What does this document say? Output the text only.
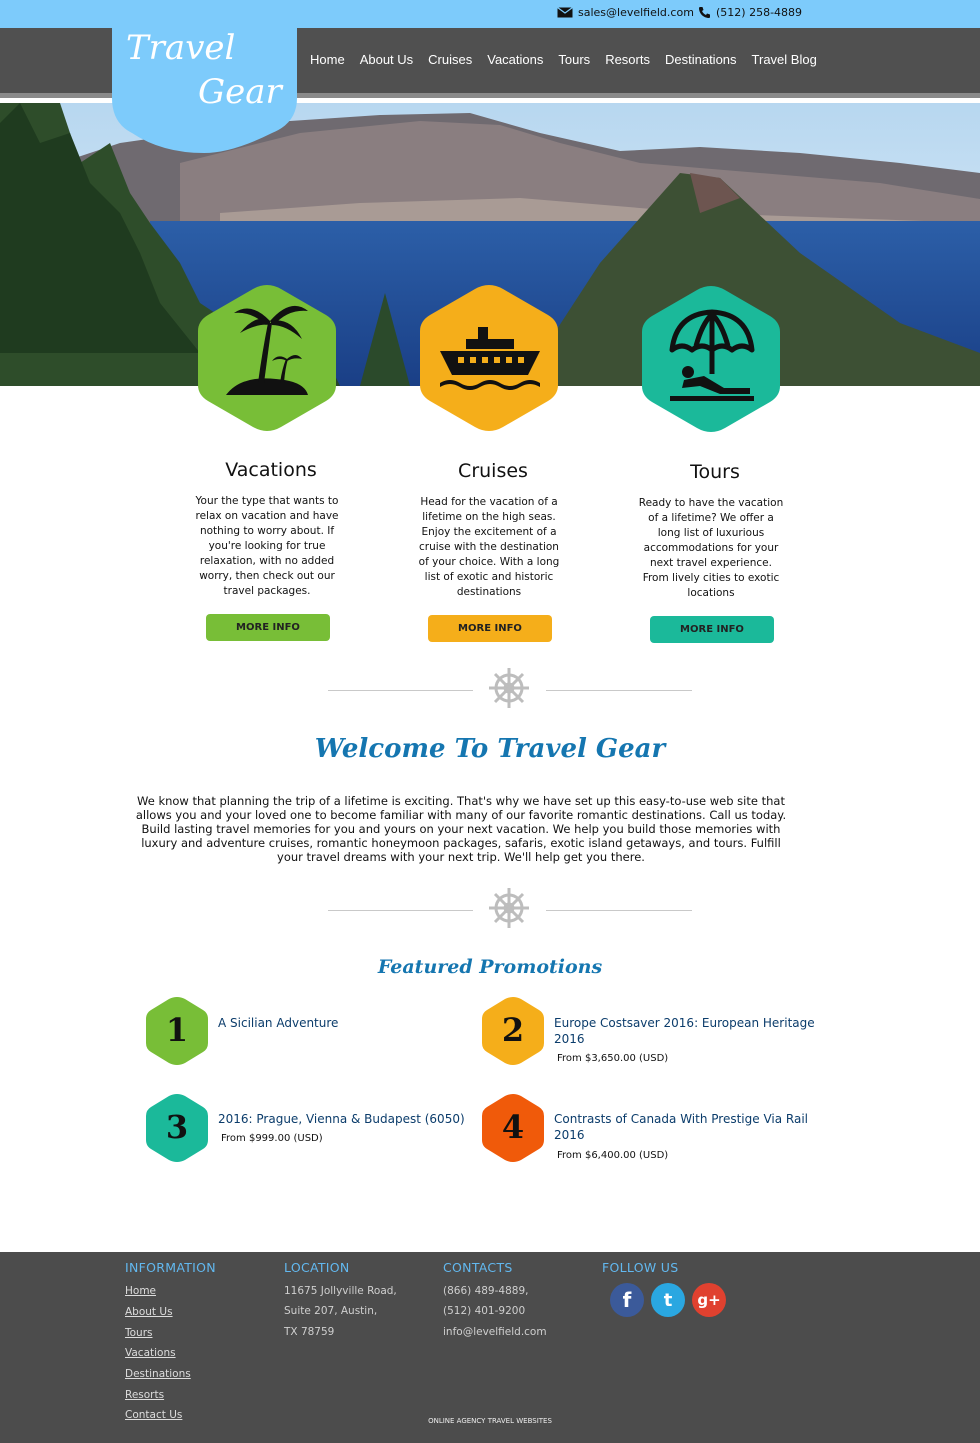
sales@levelfield.com (512) 258-4889
Home About Us Cruises Vacations Tours Resorts Destinations Travel Blog
Travel
Gear
Vacations
Your the type that wants to relax on vacation and have nothing to worry about. If you're looking for true relaxation, with no added worry, then check out our travel packages.
MORE INFO
Cruises
Head for the vacation of a lifetime on the high seas. Enjoy the excitement of a cruise with the destination of your choice. With a long list of exotic and historic destinations
MORE INFO
Tours
Ready to have the vacation of a lifetime? We offer a long list of luxurious accommodations for your next travel experience. From lively cities to exotic locations
MORE INFO
Welcome To Travel Gear
We know that planning the trip of a lifetime is exciting. That's why we have set up this easy-to-use web site that allows you and your loved one to become familiar with many of our favorite romantic destinations. Call us today. Build lasting travel memories for you and yours on your next vacation. We help you build those memories with luxury and adventure cruises, romantic honeymoon packages, safaris, exotic island getaways, and tours. Fulfill your travel dreams with your next trip. We'll help get you there.
Featured Promotions
1 A Sicilian Adventure	2 Europe Costsaver 2016: European Heritage 2016
From $3,650.00 (USD)
3 2016: Prague, Vienna & Budapest (6050)
From $999.00 (USD)	4 Contrasts of Canada With Prestige Via Rail 2016
From $6,400.00 (USD)
INFORMATION
Home
About Us
Tours
Vacations
Destinations
Resorts
Contact Us
LOCATION
11675 Jollyville Road,
Suite 207, Austin,
TX 78759
CONTACTS
(866) 489-4889,
(512) 401-9200
info@levelfield.com
FOLLOW US
f	t	g+
ONLINE AGENCY TRAVEL WEBSITES
